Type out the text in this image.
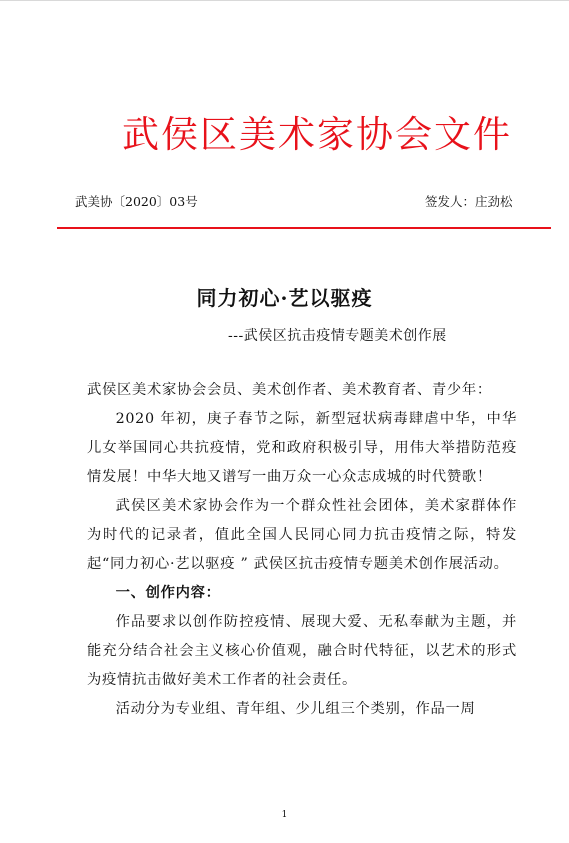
武侯区美术家协会文件
武美协〔2020〕03号	签发人：庄劲松
同力初心·艺以驱疫
---武侯区抗击疫情专题美术创作展

武侯区美术家协会会员、美术创作者、美术教育者、青少年：

2020 年初，庚子春节之际，新型冠状病毒肆虐中华，中华儿女举国同心共抗疫情，党和政府积极引导，用伟大举措防范疫情发展！中华大地又谱写一曲万众一心众志成城的时代赞歌！

武侯区美术家协会作为一个群众性社会团体，美术家群体作为时代的记录者，值此全国人民同心同力抗击疫情之际，特发起“同力初心·艺以驱疫 ” 武侯区抗击疫情专题美术创作展活动。

一、创作内容：

作品要求以创作防控疫情、展现大爱、无私奉献为主题，并能充分结合社会主义核心价值观，融合时代特征，以艺术的形式为疫情抗击做好美术工作者的社会责任。

活动分为专业组、青年组、少儿组三个类别，作品一周

1
